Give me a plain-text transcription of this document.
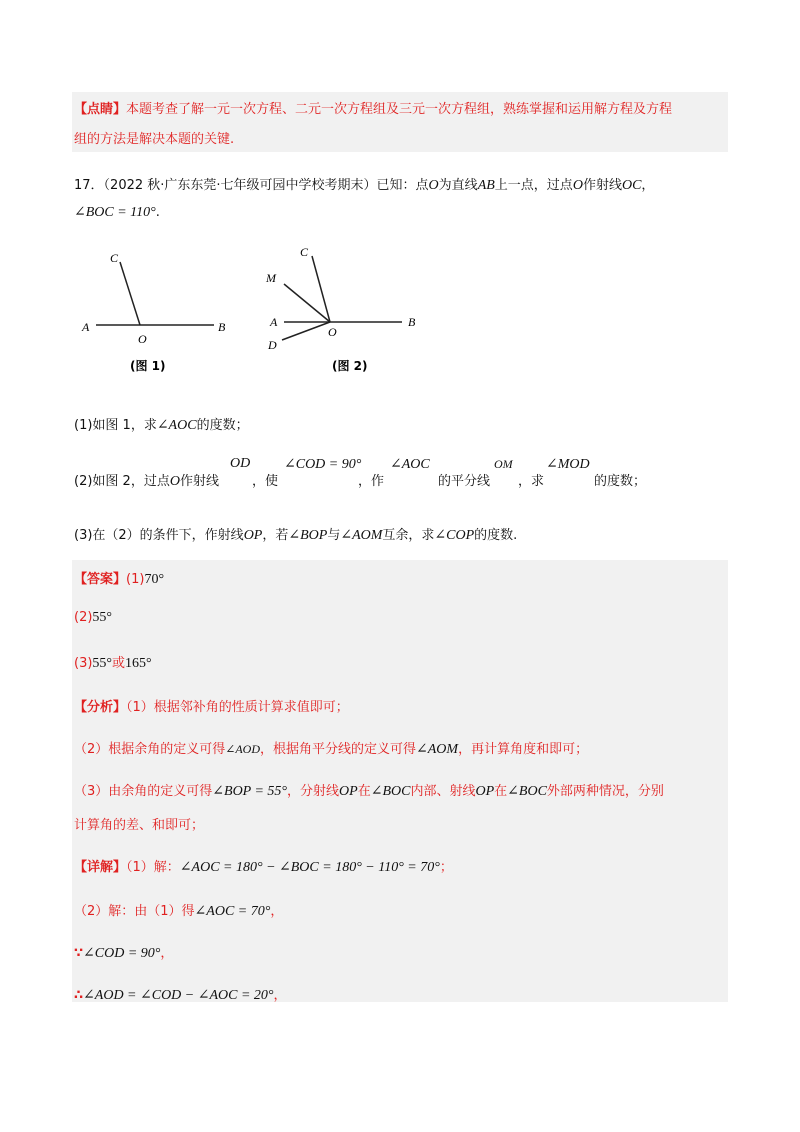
【点睛】本题考查了解一元一次方程、二元一次方程组及三元一次方程组，熟练掌握和运用解方程及方程
组的方法是解决本题的关键.
17．（2022 秋·广东东莞·七年级可园中学校考期末）已知：点O为直线AB上一点，过点O作射线OC，
∠BOC = 110°.
C
A
O
B
(图 1)
C
M
A
O
B
D
(图 2)
(1)如图 1，求∠AOC的度数；
(2)如图 2，过点O作射线
OD
，使
∠COD = 90°
，作
∠AOC
的平分线
OM
，求
∠MOD
的度数；
(3)在（2）的条件下，作射线OP，若∠BOP与∠AOM互余，求∠COP的度数.
【答案】(1)70°
(2)55°
(3)55°或165°
【分析】（1）根据邻补角的性质计算求值即可；
（2）根据余角的定义可得∠AOD，根据角平分线的定义可得∠AOM，再计算角度和即可；
（3）由余角的定义可得∠BOP = 55°，分射线OP在∠BOC内部、射线OP在∠BOC外部两种情况，分别
计算角的差、和即可；
【详解】（1）解：∠AOC = 180° − ∠BOC = 180° − 110° = 70°；
（2）解：由（1）得∠AOC = 70°，
∵∠COD = 90°，
∴∠AOD = ∠COD − ∠AOC = 20°，
